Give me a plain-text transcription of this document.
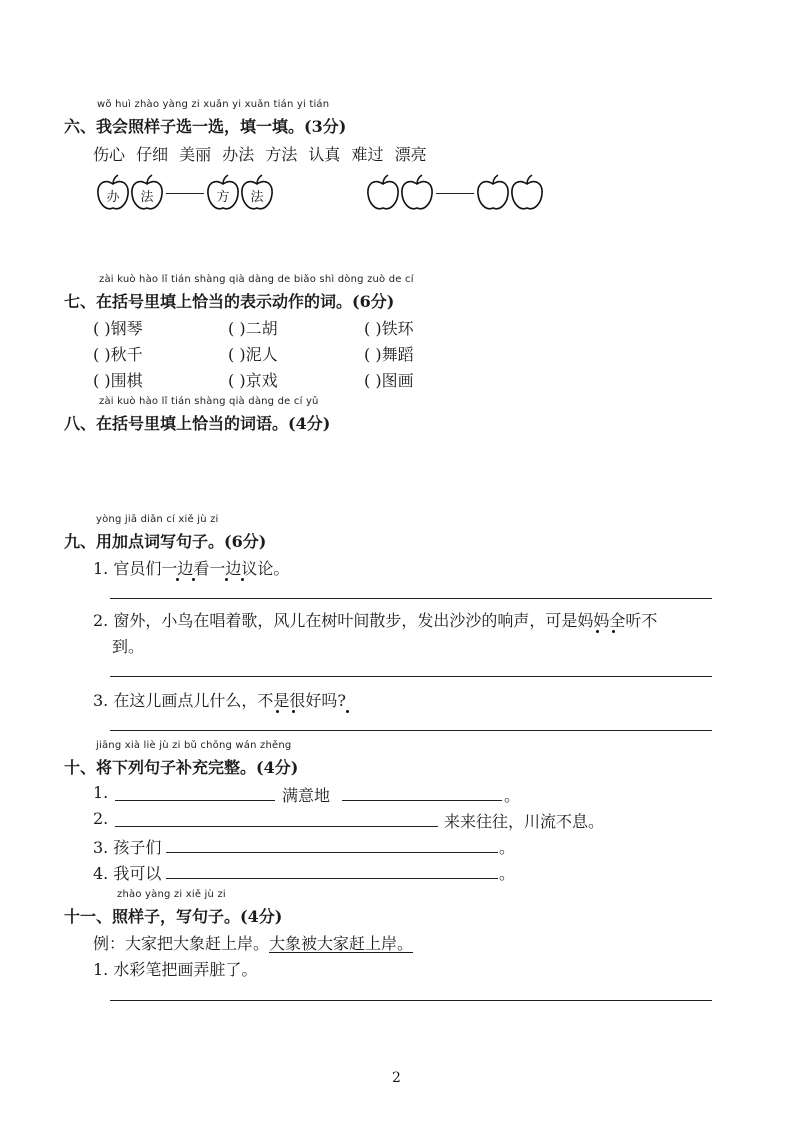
wǒ huì zhào yàng zi xuǎn yi xuǎn tián yi tián
六、我会照样子选一选，填一填。(3分)
伤心 仔细 美丽 办法 方法 认真 难过 漂亮
办	法	方	法
zài kuò hào lǐ tián shàng qià dàng de biǎo shì dòng zuò de cí
七、在括号里填上恰当的表示动作的词。(6分)
( )钢琴	( )二胡	( )铁环
( )秋千	( )泥人	( )舞蹈
( )围棋	( )京戏	( )图画
zài kuò hào lǐ tián shàng qià dàng de cí yǔ
八、在括号里填上恰当的词语。(4分)
yòng jiā diǎn cí xiě jù zi
九、用加点词写句子。(6分)
1. 官员们一边看一边议论。
2. 窗外，小鸟在唱着歌，风儿在树叶间散步，发出沙沙的响声，可是妈妈全听不
到。
3. 在这儿画点儿什么，不是很好吗?
jiāng xià liè jù zi bǔ chōng wán zhěng
十、将下列句子补充完整。(4分)
1.	满意地	。
2.	来来往往，川流不息。
3. 孩子们	。
4. 我可以	。
zhào yàng zi xiě jù zi
十一、照样子，写句子。(4分)
例：大家把大象赶上岸。大象被大家赶上岸。
1. 水彩笔把画弄脏了。
2
